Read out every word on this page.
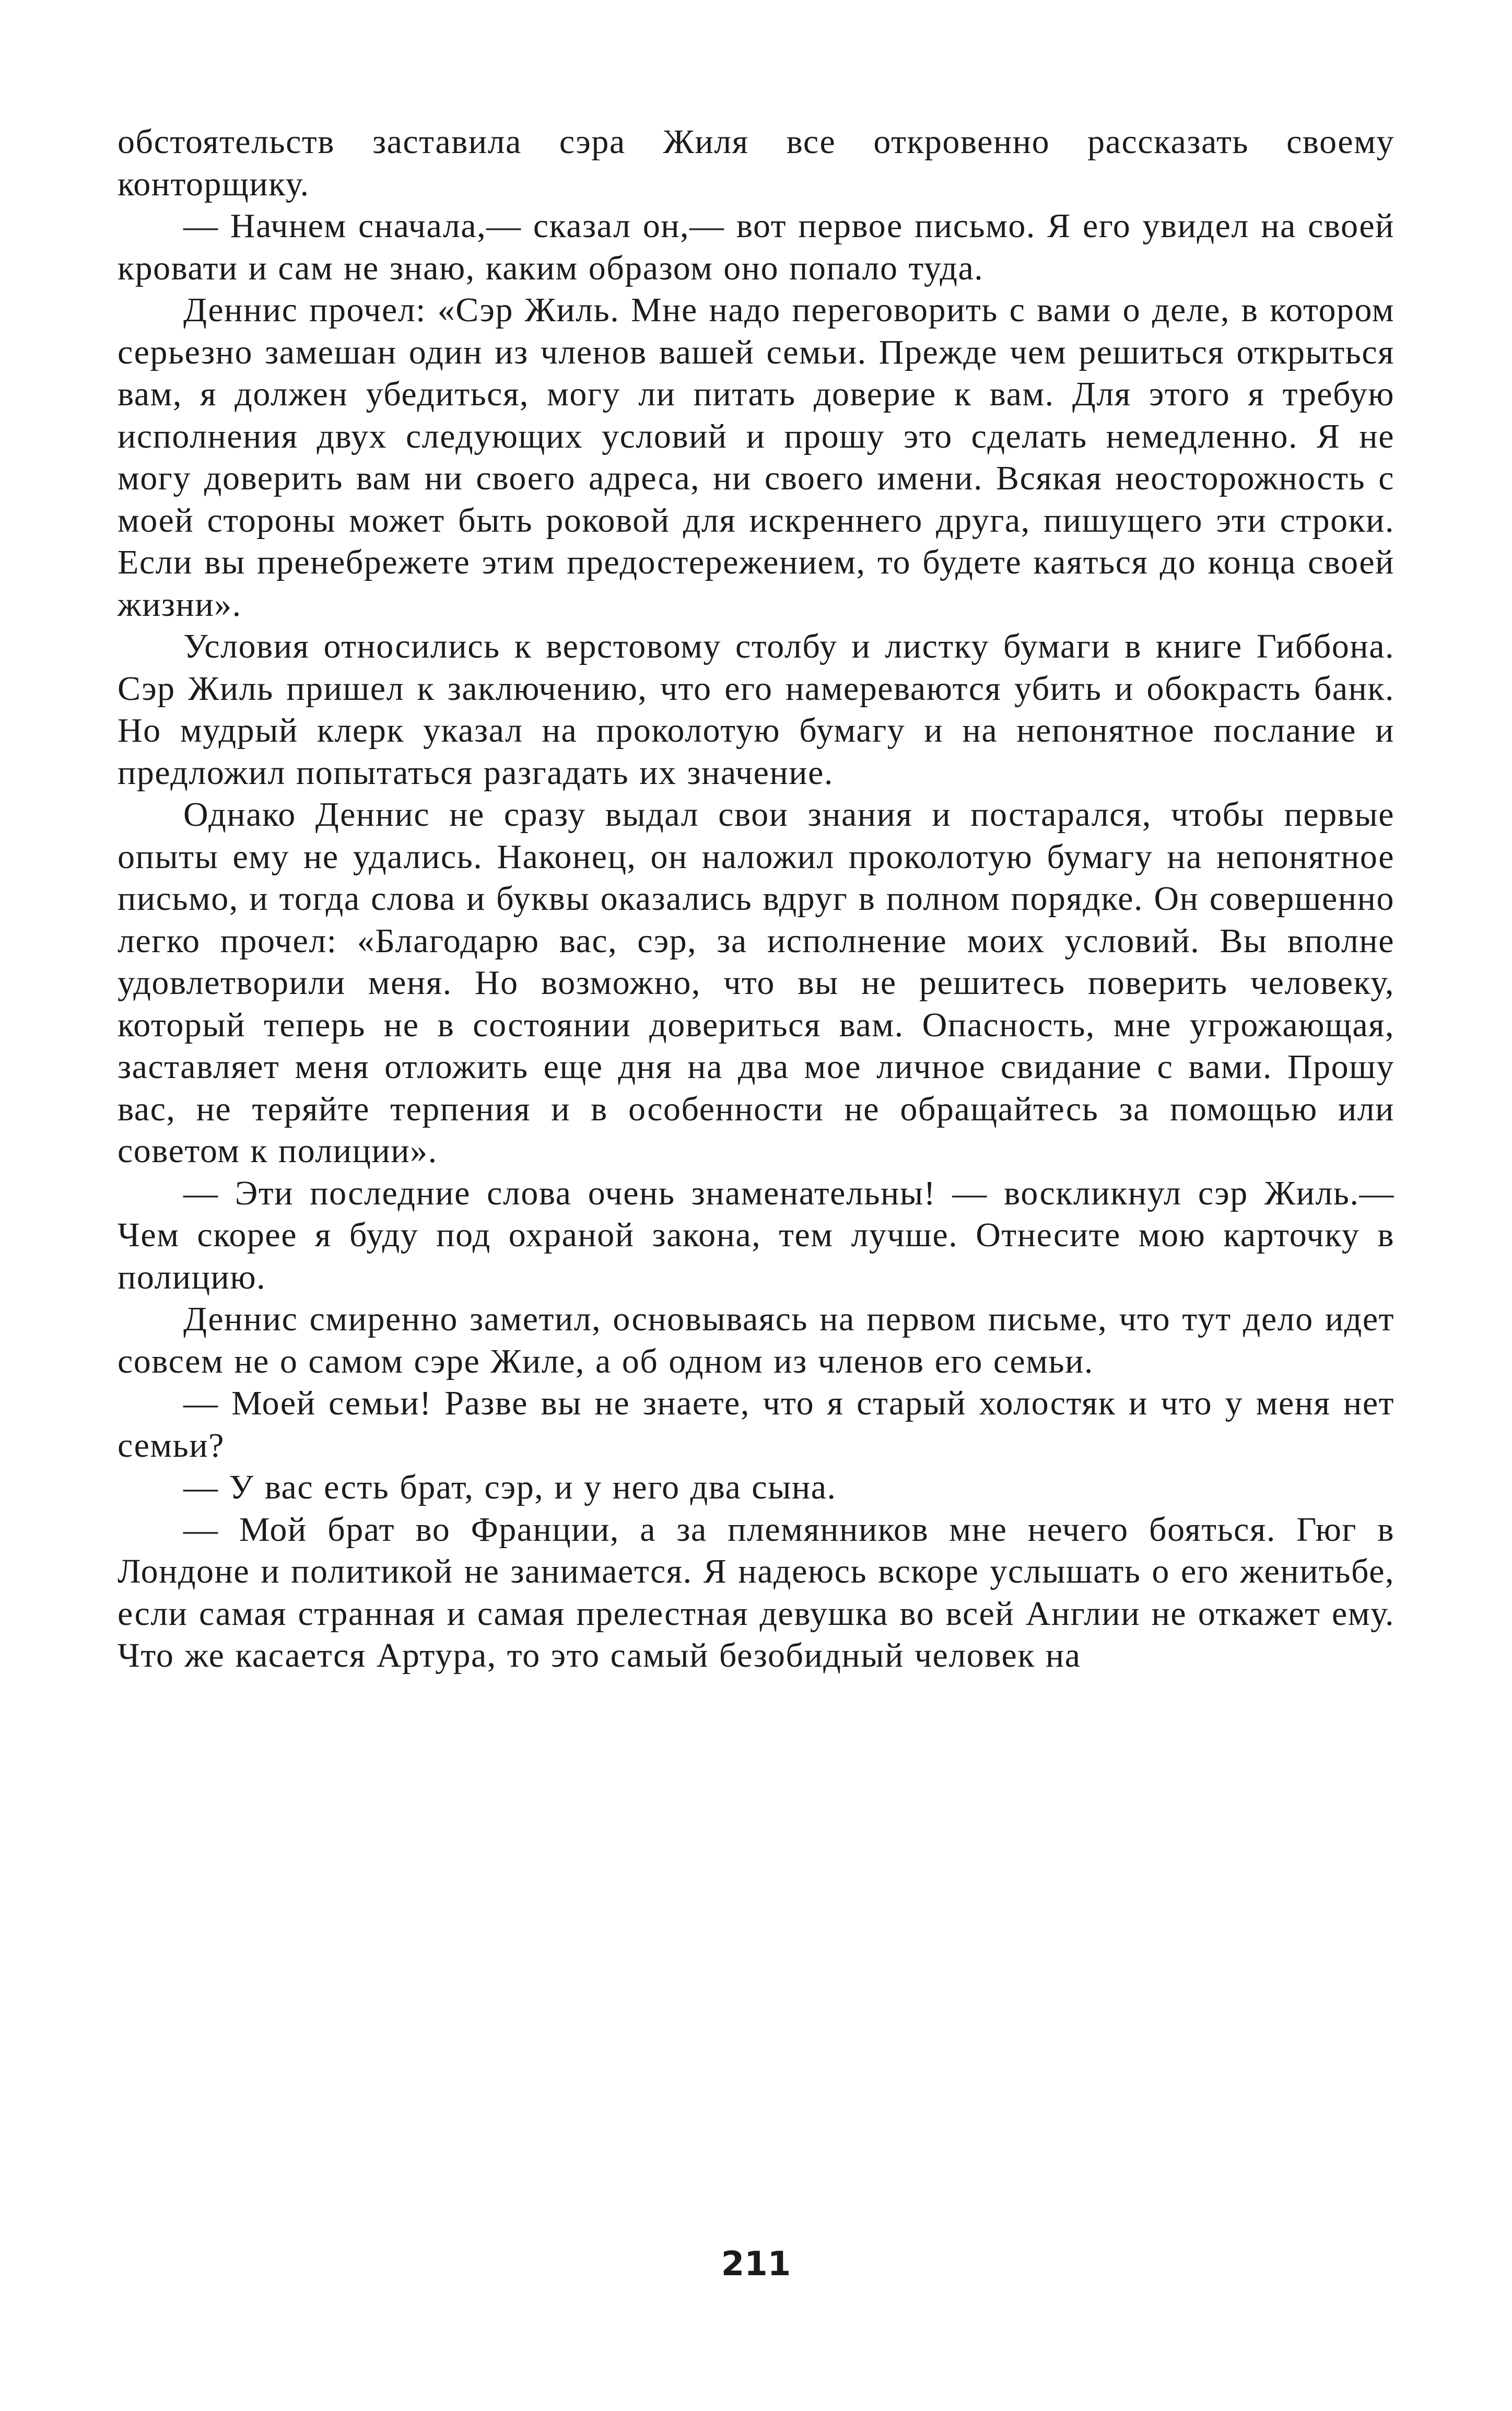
обстоятельств заставила сэра Жиля все откровенно рассказать своему конторщику.

— Начнем сначала,— сказал он,— вот первое письмо. Я его увидел на своей кровати и сам не знаю, каким образом оно попало туда.

Деннис прочел: «Сэр Жиль. Мне надо переговорить с вами о деле, в котором серьезно замешан один из членов вашей семьи. Прежде чем решиться открыться вам, я должен убедиться, могу ли питать доверие к вам. Для этого я требую исполнения двух следующих условий и прошу это сделать немедленно. Я не могу доверить вам ни своего адреса, ни своего имени. Всякая неосторожность с моей стороны может быть роковой для искреннего друга, пишущего эти строки. Если вы пренебрежете этим предостережением, то будете каяться до конца своей жизни».

Условия относились к верстовому столбу и листку бумаги в книге Гиббона. Сэр Жиль пришел к заключению, что его намереваются убить и обокрасть банк. Но мудрый клерк указал на проколотую бумагу и на непонятное послание и предложил попытаться разгадать их значение.

Однако Деннис не сразу выдал свои знания и постарался, чтобы первые опыты ему не удались. Наконец, он наложил проколотую бумагу на непонятное письмо, и тогда слова и буквы оказались вдруг в полном порядке. Он совершенно легко прочел: «Благодарю вас, сэр, за исполнение моих условий. Вы вполне удовлетворили меня. Но возможно, что вы не решитесь поверить человеку, который теперь не в состоянии довериться вам. Опасность, мне угрожающая, заставляет меня отложить еще дня на два мое личное свидание с вами. Прошу вас, не теряйте терпения и в особенности не обращайтесь за помощью или советом к полиции».

— Эти последние слова очень знаменательны! — воскликнул сэр Жиль.— Чем скорее я буду под охраной закона, тем лучше. Отнесите мою карточку в полицию.

Деннис смиренно заметил, основываясь на первом письме, что тут дело идет совсем не о самом сэре Жиле, а об одном из членов его семьи.

— Моей семьи! Разве вы не знаете, что я старый холостяк и что у меня нет семьи?

— У вас есть брат, сэр, и у него два сына.

— Мой брат во Франции, а за племянников мне нечего бояться. Гюг в Лондоне и политикой не занимается. Я надеюсь вскоре услышать о его женитьбе, если самая странная и самая прелестная девушка во всей Англии не откажет ему. Что же касается Артура, то это самый безобидный человек на

211
